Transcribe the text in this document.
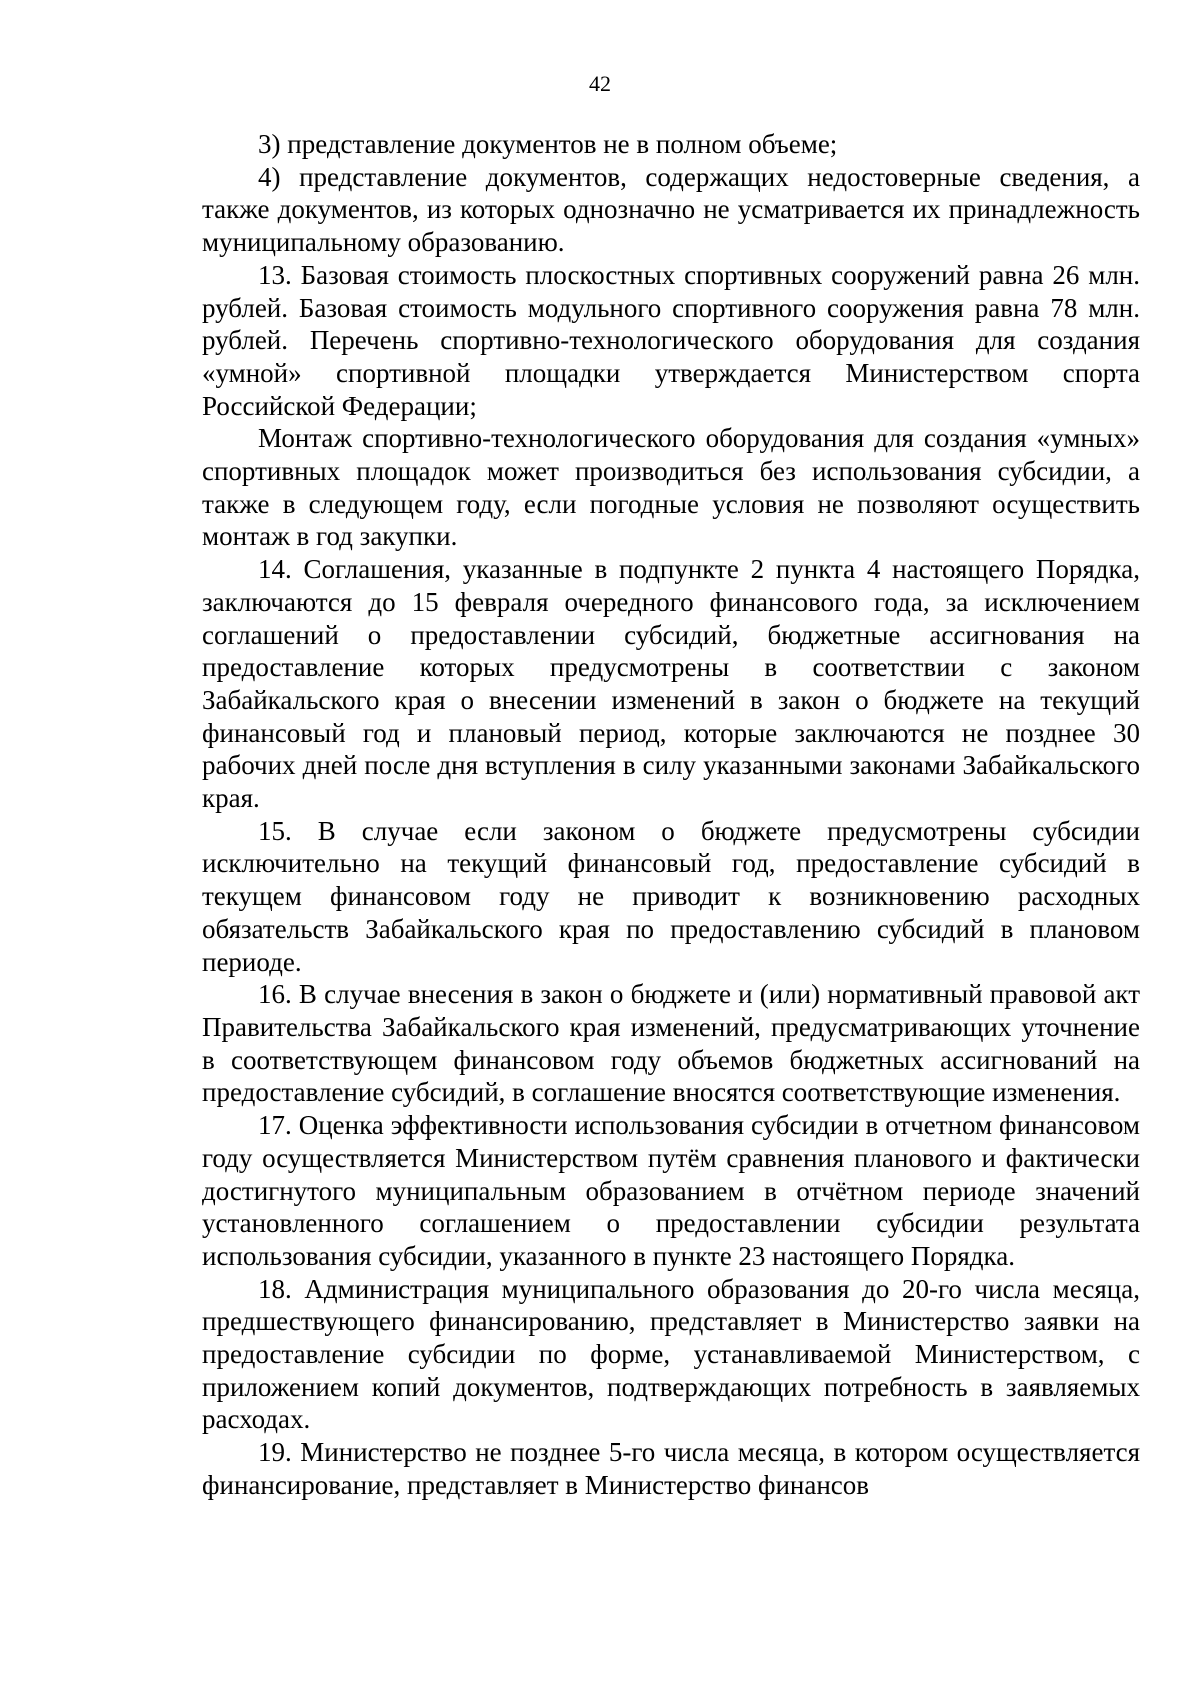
42

3) представление документов не в полном объеме;

4) представление документов, содержащих недостоверные сведения, а также документов, из которых однозначно не усматривается их принадлежность муниципальному образованию.

13. Базовая стоимость плоскостных спортивных сооружений равна 26 млн. рублей. Базовая стоимость модульного спортивного сооружения равна 78 млн. рублей. Перечень спортивно-технологического оборудования для создания «умной» спортивной площадки утверждается Министерством спорта Российской Федерации;

Монтаж спортивно-технологического оборудования для создания «умных» спортивных площадок может производиться без использования субсидии, а также в следующем году, если погодные условия не позволяют осуществить монтаж в год закупки.

14. Соглашения, указанные в подпункте 2 пункта 4 настоящего Порядка, заключаются до 15 февраля очередного финансового года, за исключением соглашений о предоставлении субсидий, бюджетные ассигнования на предоставление которых предусмотрены в соответствии с законом Забайкальского края о внесении изменений в закон о бюджете на текущий финансовый год и плановый период, которые заключаются не позднее 30 рабочих дней после дня вступления в силу указанными законами Забайкальского края.

15. В случае если законом о бюджете предусмотрены субсидии исключительно на текущий финансовый год, предоставление субсидий в текущем финансовом году не приводит к возникновению расходных обязательств Забайкальского края по предоставлению субсидий в плановом периоде.

16. В случае внесения в закон о бюджете и (или) нормативный правовой акт Правительства Забайкальского края изменений, предусматривающих уточнение в соответствующем финансовом году объемов бюджетных ассигнований на предоставление субсидий, в соглашение вносятся соответствующие изменения.

17. Оценка эффективности использования субсидии в отчетном финансовом году осуществляется Министерством путём сравнения планового и фактически достигнутого муниципальным образованием в отчётном периоде значений установленного соглашением о предоставлении субсидии результата использования субсидии, указанного в пункте 23 настоящего Порядка.

18. Администрация муниципального образования до 20-го числа месяца, предшествующего финансированию, представляет в Министерство заявки на предоставление субсидии по форме, устанавливаемой Министерством, с приложением копий документов, подтверждающих потребность в заявляемых расходах.

19. Министерство не позднее 5-го числа месяца, в котором осуществляется финансирование, представляет в Министерство финансов
